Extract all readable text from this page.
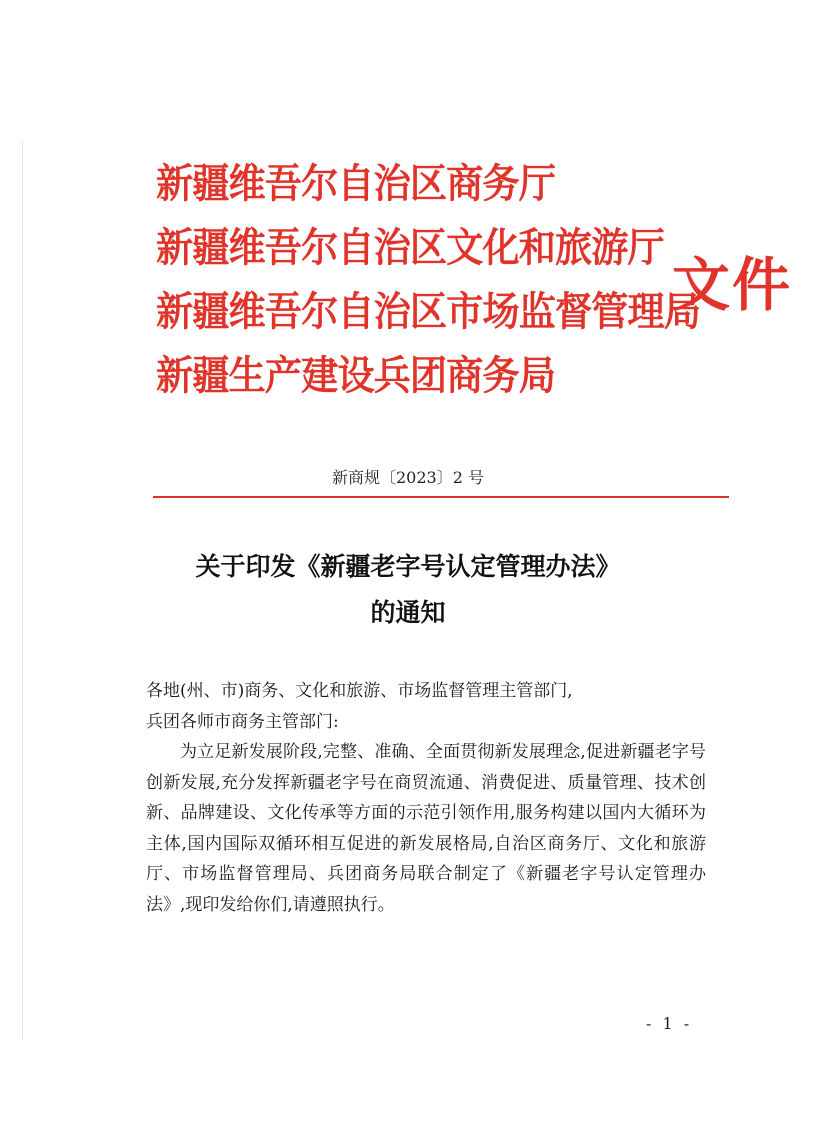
新疆维吾尔自治区商务厅
新疆维吾尔自治区文化和旅游厅
新疆维吾尔自治区市场监督管理局
新疆生产建设兵团商务局
文件
新商规〔2023〕2 号
关于印发《新疆老字号认定管理办法》
的通知

各地(州、市)商务、文化和旅游、市场监督管理主管部门,

兵团各师市商务主管部门:

为立足新发展阶段,完整、准确、全面贯彻新发展理念,促进新疆老字号创新发展,充分发挥新疆老字号在商贸流通、消费促进、质量管理、技术创新、品牌建设、文化传承等方面的示范引领作用,服务构建以国内大循环为主体,国内国际双循环相互促进的新发展格局,自治区商务厅、文化和旅游厅、市场监督管理局、兵团商务局联合制定了《新疆老字号认定管理办法》,现印发给你们,请遵照执行。

- 1 -
